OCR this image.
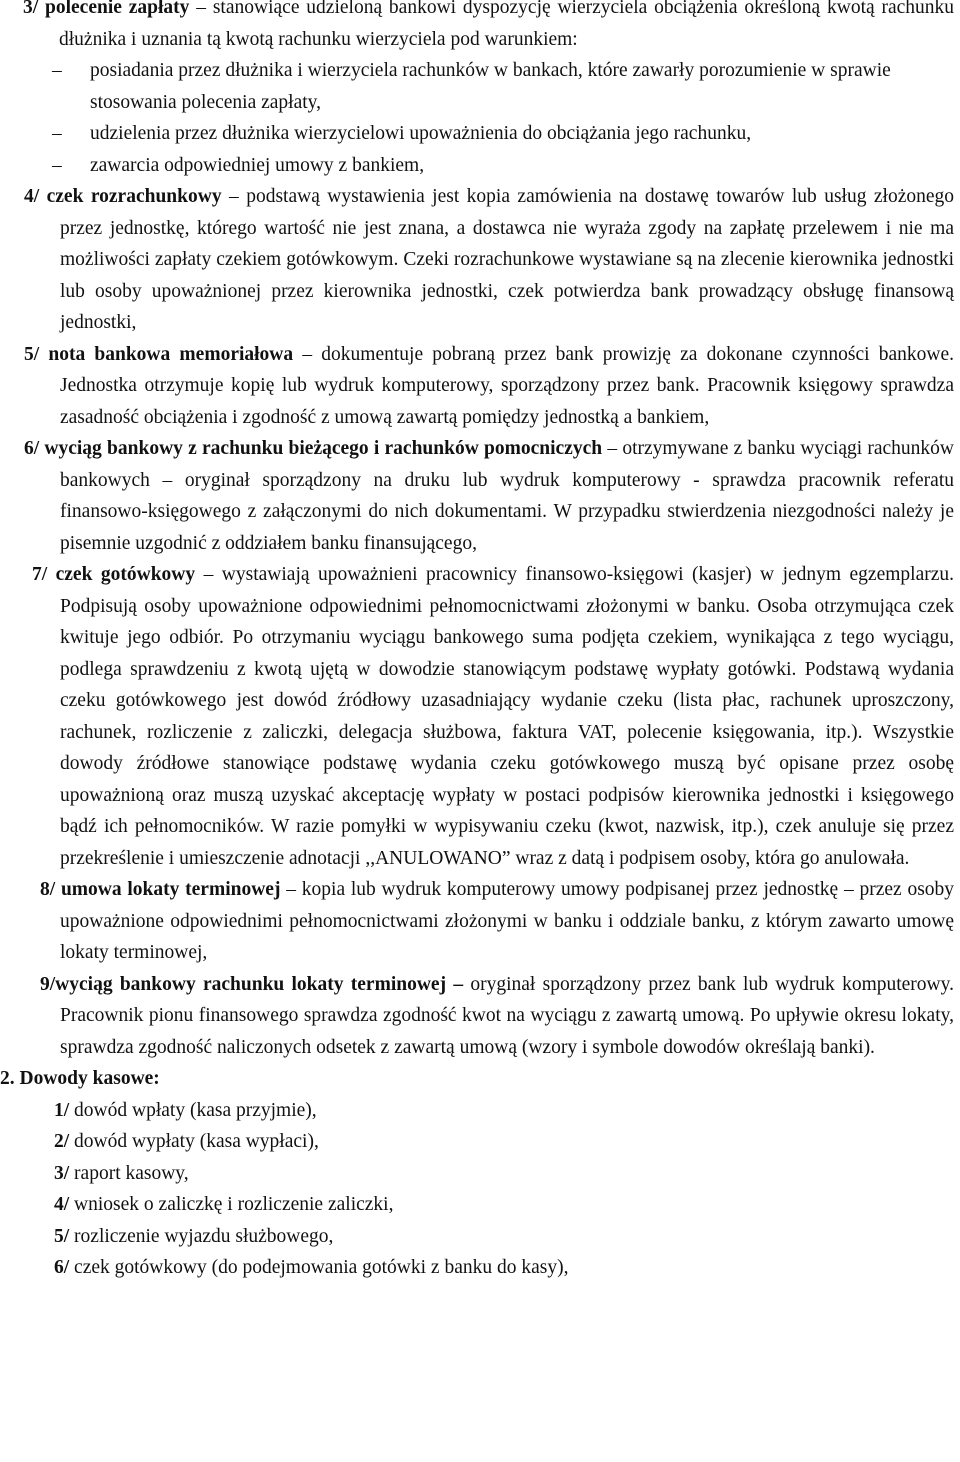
3/ polecenie zapłaty – stanowiące udzieloną bankowi dyspozycję wierzyciela obciążenia określoną kwotą rachunku dłużnika i uznania tą kwotą rachunku wierzyciela pod warunkiem:

– posiadania przez dłużnika i wierzyciela rachunków w bankach, które zawarły porozumienie w sprawie stosowania polecenia zapłaty,
– udzielenia przez dłużnika wierzycielowi upoważnienia do obciążania jego rachunku,
– zawarcia odpowiedniej umowy z bankiem,

4/ czek rozrachunkowy – podstawą wystawienia jest kopia zamówienia na dostawę towarów lub usług złożonego przez jednostkę, którego wartość nie jest znana, a dostawca nie wyraża zgody na zapłatę przelewem i nie ma możliwości zapłaty czekiem gotówkowym. Czeki rozrachunkowe wystawiane są na zlecenie kierownika jednostki lub osoby upoważnionej przez kierownika jednostki, czek potwierdza bank prowadzący obsługę finansową jednostki,

5/ nota bankowa memoriałowa – dokumentuje pobraną przez bank prowizję za dokonane czynności bankowe. Jednostka otrzymuje kopię lub wydruk komputerowy, sporządzony przez bank. Pracownik księgowy sprawdza zasadność obciążenia i zgodność z umową zawartą pomiędzy jednostką a bankiem,

6/ wyciąg bankowy z rachunku bieżącego i rachunków pomocniczych – otrzymywane z banku wyciągi rachunków bankowych – oryginał sporządzony na druku lub wydruk komputerowy - sprawdza pracownik referatu finansowo-księgowego z załączonymi do nich dokumentami. W przypadku stwierdzenia niezgodności należy je pisemnie uzgodnić z oddziałem banku finansującego,

7/ czek gotówkowy – wystawiają upoważnieni pracownicy finansowo-księgowi (kasjer) w jednym egzemplarzu. Podpisują osoby upoważnione odpowiednimi pełnomocnictwami złożonymi w banku. Osoba otrzymująca czek kwituje jego odbiór. Po otrzymaniu wyciągu bankowego suma podjęta czekiem, wynikająca z tego wyciągu, podlega sprawdzeniu z kwotą ujętą w dowodzie stanowiącym podstawę wypłaty gotówki. Podstawą wydania czeku gotówkowego jest dowód źródłowy uzasadniający wydanie czeku (lista płac, rachunek uproszczony, rachunek, rozliczenie z zaliczki, delegacja służbowa, faktura VAT, polecenie księgowania, itp.). Wszystkie dowody źródłowe stanowiące podstawę wydania czeku gotówkowego muszą być opisane przez osobę upoważnioną oraz muszą uzyskać akceptację wypłaty w postaci podpisów kierownika jednostki i księgowego bądź ich pełnomocników. W razie pomyłki w wypisywaniu czeku (kwot, nazwisk, itp.), czek anuluje się przez przekreślenie i umieszczenie adnotacji ,,ANULOWANO” wraz z datą i podpisem osoby, która go anulowała.

8/ umowa lokaty terminowej – kopia lub wydruk komputerowy umowy podpisanej przez jednostkę – przez osoby upoważnione odpowiednimi pełnomocnictwami złożonymi w banku i oddziale banku, z którym zawarto umowę lokaty terminowej,

9/wyciąg bankowy rachunku lokaty terminowej – oryginał sporządzony przez bank lub wydruk komputerowy. Pracownik pionu finansowego sprawdza zgodność kwot na wyciągu z zawartą umową. Po upływie okresu lokaty, sprawdza zgodność naliczonych odsetek z zawartą umową (wzory i symbole dowodów określają banki).

2. Dowody kasowe:
1/ dowód wpłaty (kasa przyjmie),
2/ dowód wypłaty (kasa wypłaci),
3/ raport kasowy,
4/ wniosek o zaliczkę i rozliczenie zaliczki,
5/ rozliczenie wyjazdu służbowego,
6/ czek gotówkowy (do podejmowania gotówki z banku do kasy),
